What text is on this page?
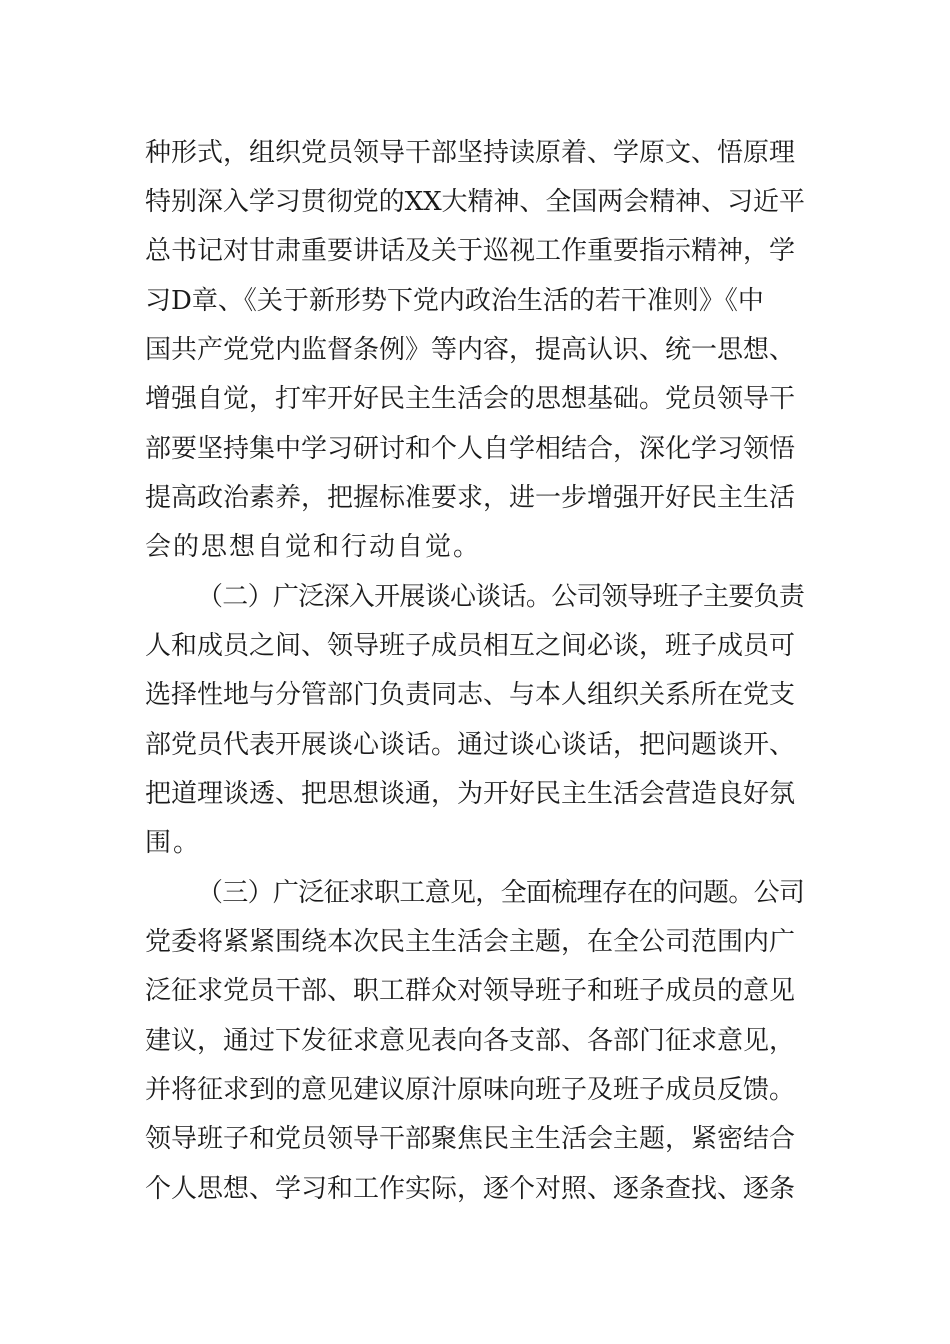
种形式，组织党员领导干部坚持读原着、学原文、悟原理
特别深入学习贯彻党的XX大精神、全国两会精神、习近平
总书记对甘肃重要讲话及关于巡视工作重要指示精神，学
习D章、《关于新形势下党内政治生活的若干准则》《中
国共产党党内监督条例》等内容，提高认识、统一思想、
增强自觉，打牢开好民主生活会的思想基础。党员领导干
部要坚持集中学习研讨和个人自学相结合，深化学习领悟
提高政治素养，把握标准要求，进一步增强开好民主生活
会的思想自觉和行动自觉。
（二）广泛深入开展谈心谈话。公司领导班子主要负责
人和成员之间、领导班子成员相互之间必谈，班子成员可
选择性地与分管部门负责同志、与本人组织关系所在党支
部党员代表开展谈心谈话。通过谈心谈话，把问题谈开、
把道理谈透、把思想谈通，为开好民主生活会营造良好氛
围。
（三）广泛征求职工意见，全面梳理存在的问题。公司
党委将紧紧围绕本次民主生活会主题，在全公司范围内广
泛征求党员干部、职工群众对领导班子和班子成员的意见
建议，通过下发征求意见表向各支部、各部门征求意见，
并将征求到的意见建议原汁原味向班子及班子成员反馈。
领导班子和党员领导干部聚焦民主生活会主题，紧密结合
个人思想、学习和工作实际，逐个对照、逐条查找、逐条
